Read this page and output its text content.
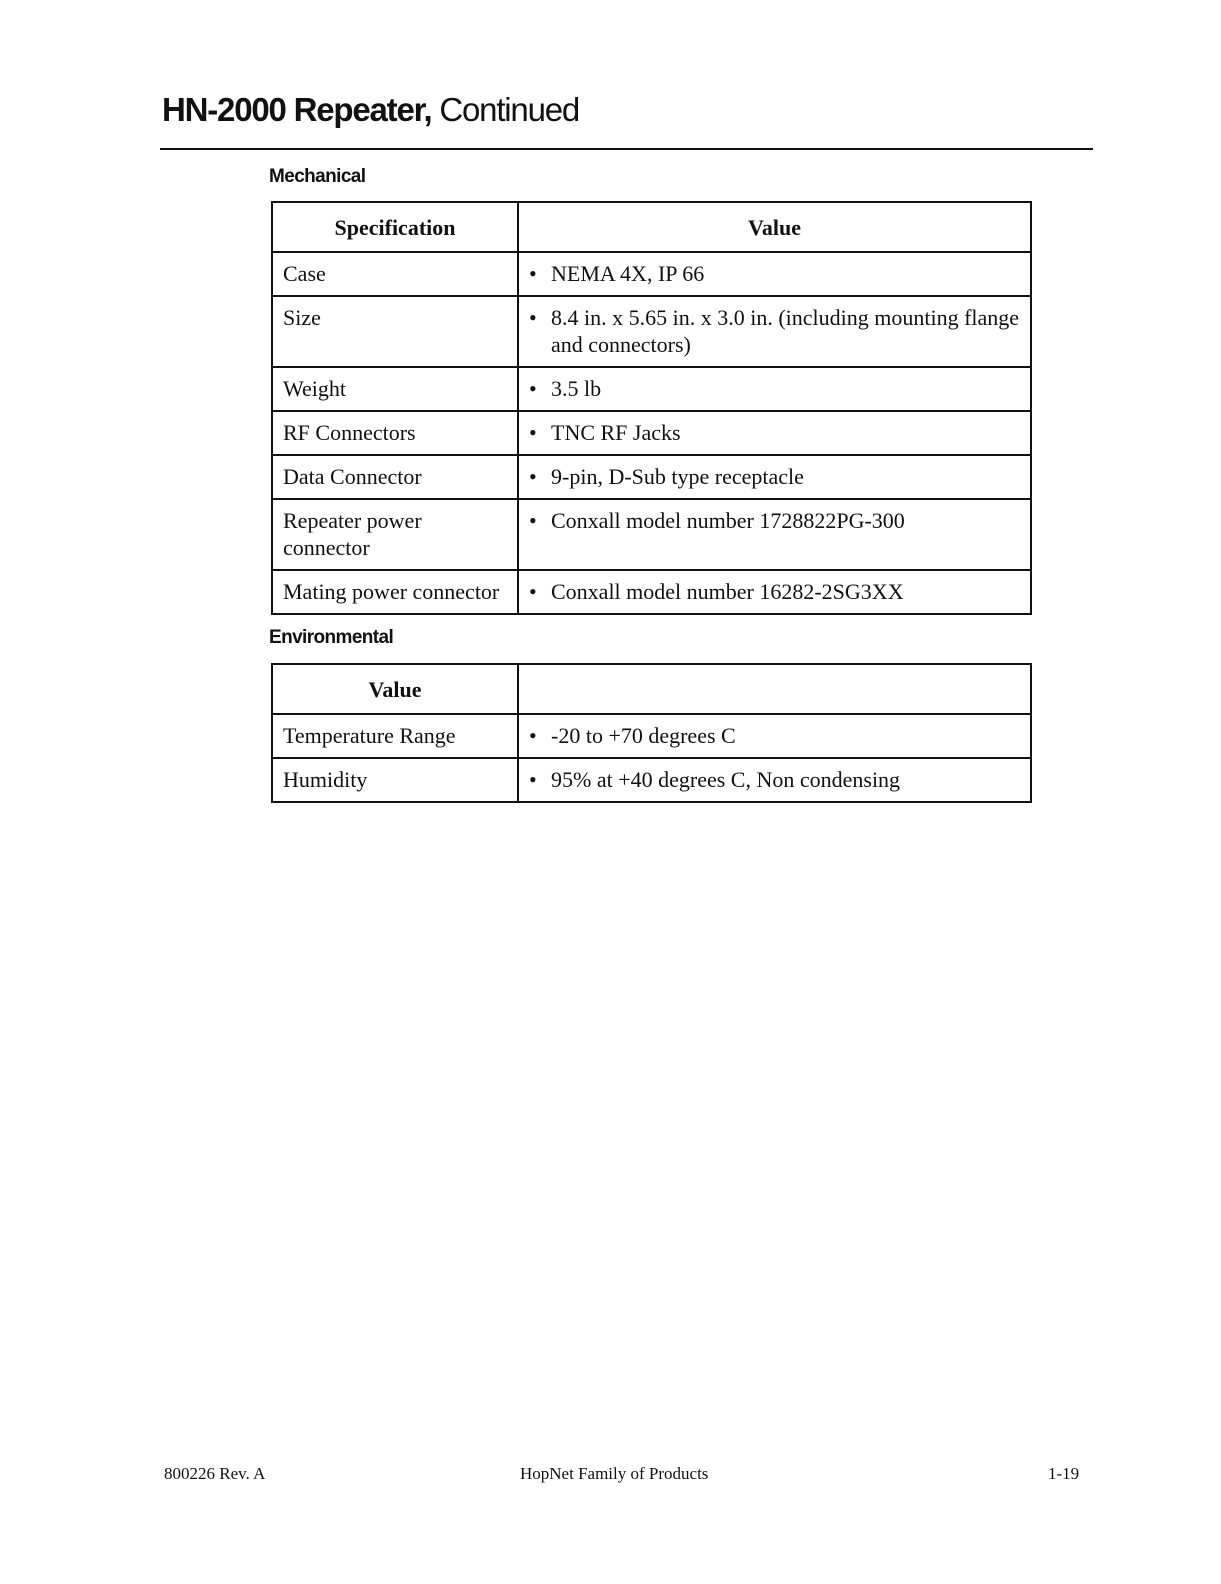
HN-2000 Repeater, Continued
Mechanical
Specification	Value
Case	• NEMA 4X, IP 66

Size	• 8.4 in. x 5.65 in. x 3.0 in. (including mounting flange and connectors)

Weight	• 3.5 lb

RF Connectors	• TNC RF Jacks

Data Connector	• 9-pin, D-Sub type receptacle

Repeater power connector	• Conxall model number 1728822PG-300

Mating power connector	• Conxall model number 16282-2SG3XX
Environmental
Value	
Temperature Range	• -20 to +70 degrees C

Humidity	• 95% at +40 degrees C, Non condensing
800226 Rev. A	HopNet Family of Products	1-19
